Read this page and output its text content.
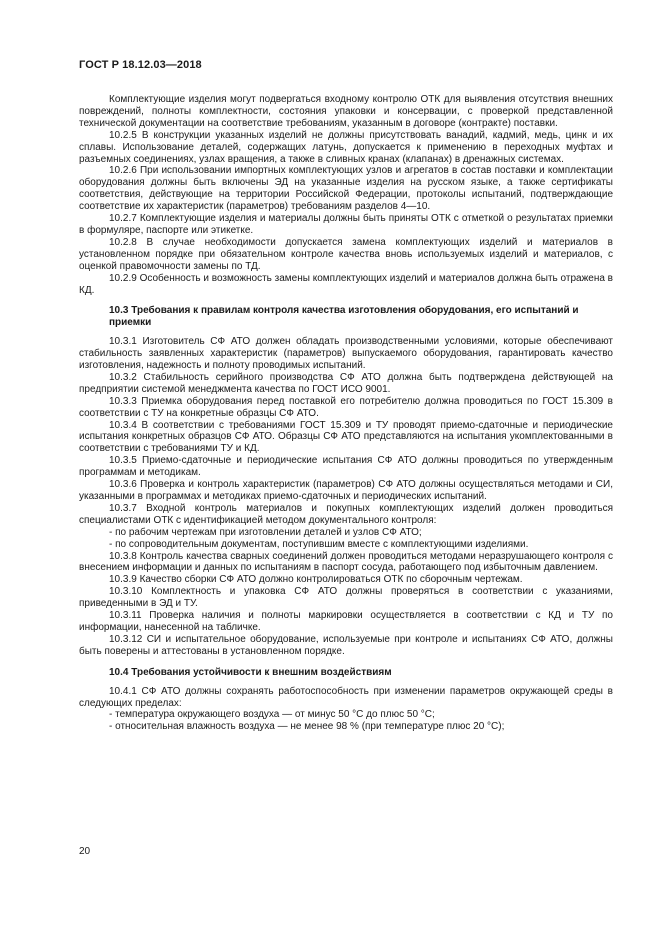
ГОСТ Р 18.12.03—2018

Комплектующие изделия могут подвергаться входному контролю ОТК для выявления отсутствия внешних повреждений, полноты комплектности, состояния упаковки и консервации, с проверкой представленной технической документации на соответствие требованиям, указанным в договоре (контракте) поставки.

10.2.5 В конструкции указанных изделий не должны присутствовать ванадий, кадмий, медь, цинк и их сплавы. Использование деталей, содержащих латунь, допускается к применению в переходных муфтах и разъемных соединениях, узлах вращения, а также в сливных кранах (клапанах) в дренажных системах.

10.2.6 При использовании импортных комплектующих узлов и агрегатов в состав поставки и комплектации оборудования должны быть включены ЭД на указанные изделия на русском языке, а также сертификаты соответствия, действующие на территории Российской Федерации, протоколы испытаний, подтверждающие соответствие их характеристик (параметров) требованиям разделов 4—10.

10.2.7 Комплектующие изделия и материалы должны быть приняты ОТК с отметкой о результатах приемки в формуляре, паспорте или этикетке.

10.2.8 В случае необходимости допускается замена комплектующих изделий и материалов в установленном порядке при обязательном контроле качества вновь используемых изделий и материалов, с оценкой правомочности замены по ТД.

10.2.9 Особенность и возможность замены комплектующих изделий и материалов должна быть отражена в КД.

10.3 Требования к правилам контроля качества изготовления оборудования, его испытаний и приемки

10.3.1 Изготовитель СФ АТО должен обладать производственными условиями, которые обеспечивают стабильность заявленных характеристик (параметров) выпускаемого оборудования, гарантировать качество изготовления, надежность и полноту проводимых испытаний.

10.3.2 Стабильность серийного производства СФ АТО должна быть подтверждена действующей на предприятии системой менеджмента качества по ГОСТ ИСО 9001.

10.3.3 Приемка оборудования перед поставкой его потребителю должна проводиться по ГОСТ 15.309 в соответствии с ТУ на конкретные образцы СФ АТО.

10.3.4 В соответствии с требованиями ГОСТ 15.309 и ТУ проводят приемо-сдаточные и периодические испытания конкретных образцов СФ АТО. Образцы СФ АТО представляются на испытания укомплектованными в соответствии с требованиями ТУ и КД.

10.3.5 Приемо-сдаточные и периодические испытания СФ АТО должны проводиться по утвержденным программам и методикам.

10.3.6 Проверка и контроль характеристик (параметров) СФ АТО должны осуществляться методами и СИ, указанными в программах и методиках приемо-сдаточных и периодических испытаний.

10.3.7 Входной контроль материалов и покупных комплектующих изделий должен проводиться специалистами ОТК с идентификацией методом документального контроля:

- по рабочим чертежам при изготовлении деталей и узлов СФ АТО;

- по сопроводительным документам, поступившим вместе с комплектующими изделиями.

10.3.8 Контроль качества сварных соединений должен проводиться методами неразрушающего контроля с внесением информации и данных по испытаниям в паспорт сосуда, работающего под избыточным давлением.

10.3.9 Качество сборки СФ АТО должно контролироваться ОТК по сборочным чертежам.

10.3.10 Комплектность и упаковка СФ АТО должны проверяться в соответствии с указаниями, приведенными в ЭД и ТУ.

10.3.11 Проверка наличия и полноты маркировки осуществляется в соответствии с КД и ТУ по информации, нанесенной на табличке.

10.3.12 СИ и испытательное оборудование, используемые при контроле и испытаниях СФ АТО, должны быть поверены и аттестованы в установленном порядке.

10.4 Требования устойчивости к внешним воздействиям

10.4.1 СФ АТО должны сохранять работоспособность при изменении параметров окружающей среды в следующих пределах:

- температура окружающего воздуха — от минус 50 °С до плюс 50 °С;

- относительная влажность воздуха — не менее 98 % (при температуре плюс 20 °С);

20
